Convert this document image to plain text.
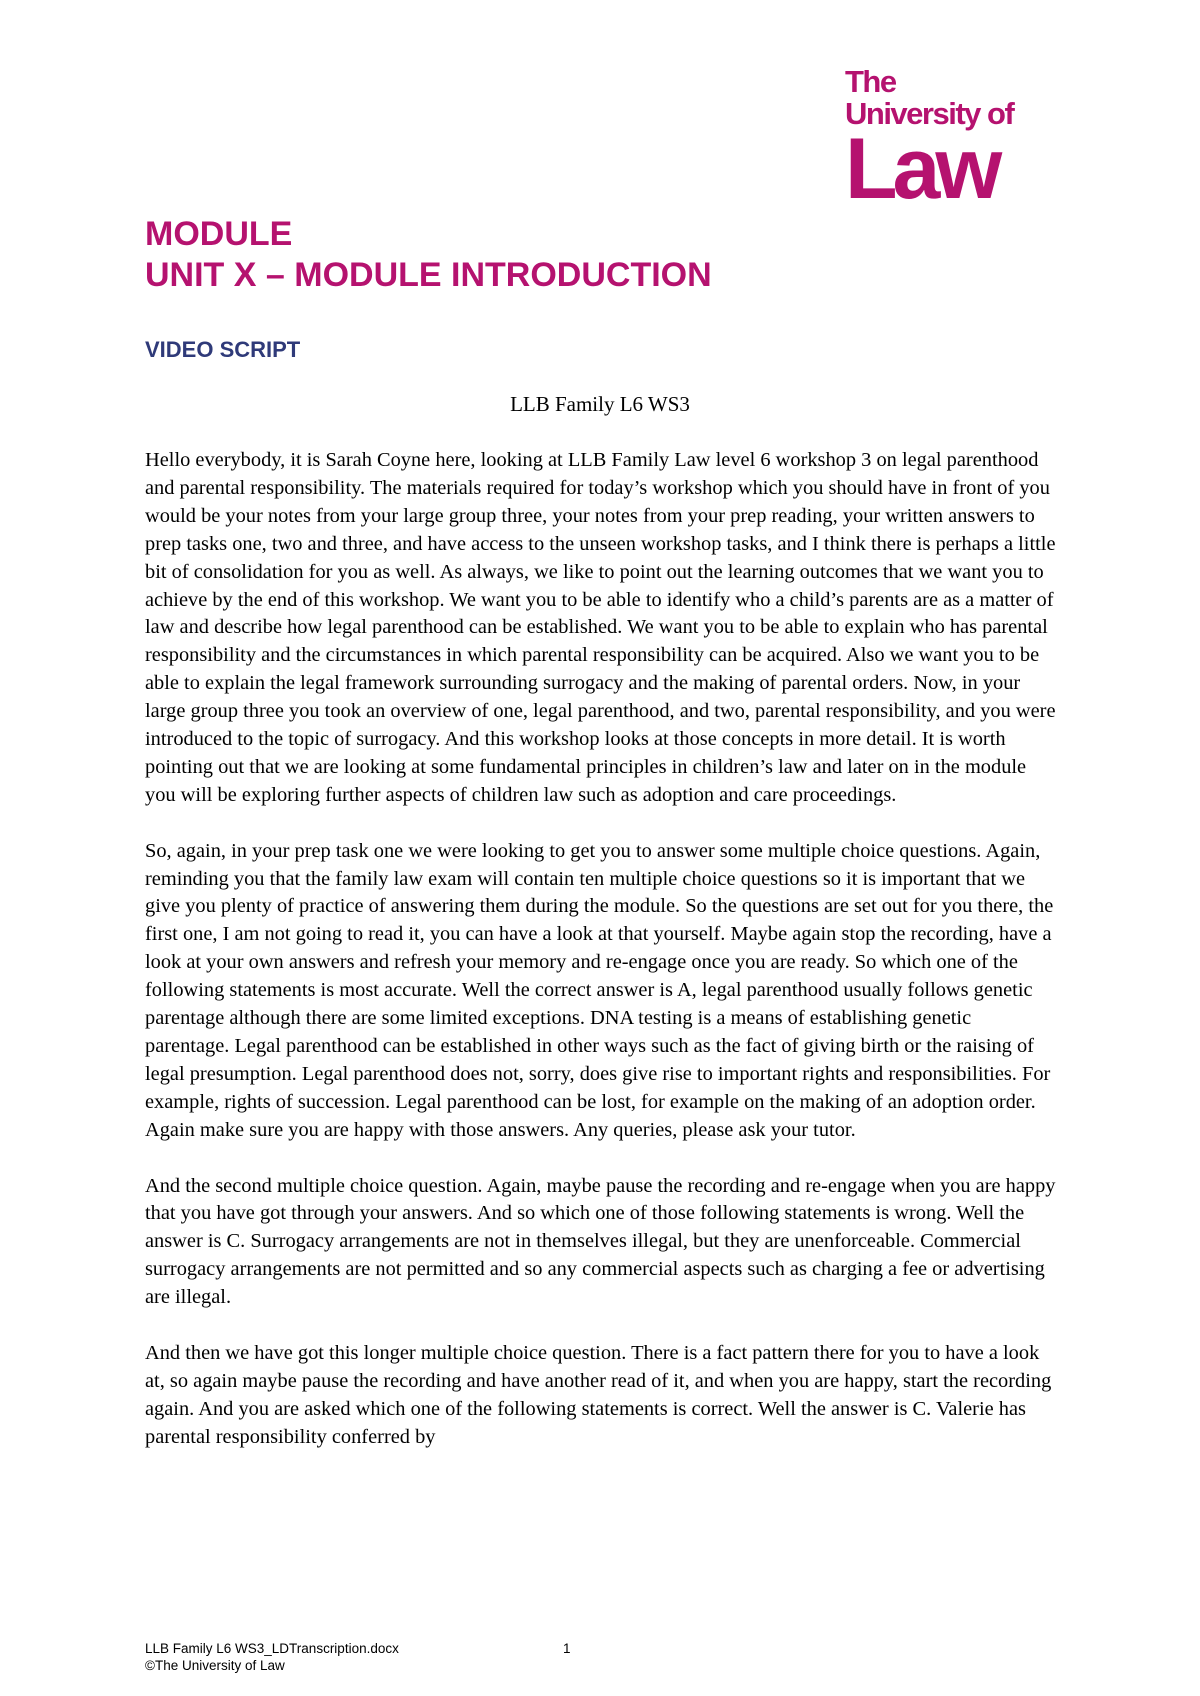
The
University of
Law
MODULE
UNIT X – MODULE INTRODUCTION
VIDEO SCRIPT
LLB Family L6 WS3

Hello everybody, it is Sarah Coyne here, looking at LLB Family Law level 6 workshop 3 on legal parenthood and parental responsibility. The materials required for today’s workshop which you should have in front of you would be your notes from your large group three, your notes from your prep reading, your written answers to prep tasks one, two and three, and have access to the unseen workshop tasks, and I think there is perhaps a little bit of consolidation for you as well. As always, we like to point out the learning outcomes that we want you to achieve by the end of this workshop. We want you to be able to identify who a child’s parents are as a matter of law and describe how legal parenthood can be established. We want you to be able to explain who has parental responsibility and the circumstances in which parental responsibility can be acquired. Also we want you to be able to explain the legal framework surrounding surrogacy and the making of parental orders. Now, in your large group three you took an overview of one, legal parenthood, and two, parental responsibility, and you were introduced to the topic of surrogacy. And this workshop looks at those concepts in more detail. It is worth pointing out that we are looking at some fundamental principles in children’s law and later on in the module you will be exploring further aspects of children law such as adoption and care proceedings.

So, again, in your prep task one we were looking to get you to answer some multiple choice questions. Again, reminding you that the family law exam will contain ten multiple choice questions so it is important that we give you plenty of practice of answering them during the module. So the questions are set out for you there, the first one, I am not going to read it, you can have a look at that yourself. Maybe again stop the recording, have a look at your own answers and refresh your memory and re-engage once you are ready. So which one of the following statements is most accurate. Well the correct answer is A, legal parenthood usually follows genetic parentage although there are some limited exceptions. DNA testing is a means of establishing genetic parentage. Legal parenthood can be established in other ways such as the fact of giving birth or the raising of legal presumption. Legal parenthood does not, sorry, does give rise to important rights and responsibilities. For example, rights of succession. Legal parenthood can be lost, for example on the making of an adoption order. Again make sure you are happy with those answers. Any queries, please ask your tutor.

And the second multiple choice question. Again, maybe pause the recording and re-engage when you are happy that you have got through your answers. And so which one of those following statements is wrong. Well the answer is C. Surrogacy arrangements are not in themselves illegal, but they are unenforceable. Commercial surrogacy arrangements are not permitted and so any commercial aspects such as charging a fee or advertising are illegal.

And then we have got this longer multiple choice question. There is a fact pattern there for you to have a look at, so again maybe pause the recording and have another read of it, and when you are happy, start the recording again. And you are asked which one of the following statements is correct. Well the answer is C. Valerie has parental responsibility conferred by

LLB Family L6 WS3_LDTranscription.docx	1
©The University of Law
